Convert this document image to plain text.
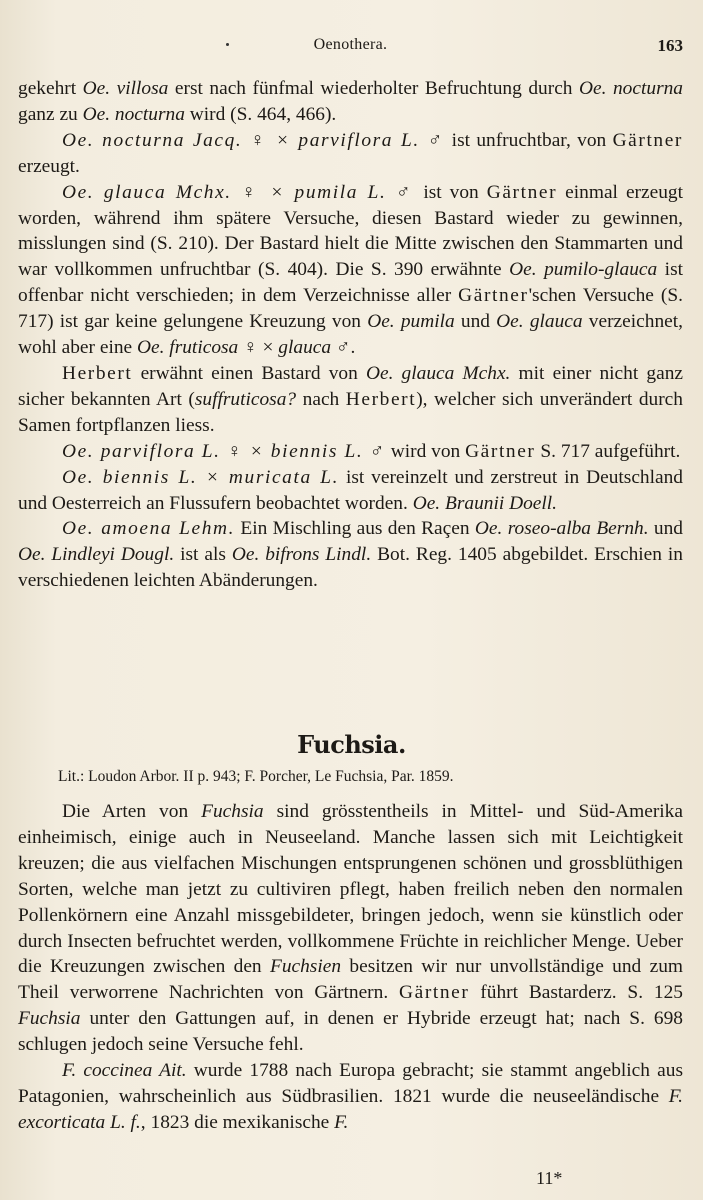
Oenothera.	163

gekehrt Oe. villosa erst nach fünfmal wiederholter Befruchtung durch Oe. nocturna ganz zu Oe. nocturna wird (S. 464, 466).

Oe. nocturna Jacq. ♀ × parviflora L. ♂ ist unfruchtbar, von Gärtner erzeugt.

Oe. glauca Mchx. ♀ × pumila L. ♂ ist von Gärtner einmal erzeugt worden, während ihm spätere Versuche, diesen Bastard wieder zu gewinnen, misslungen sind (S. 210). Der Bastard hielt die Mitte zwischen den Stammarten und war vollkommen unfruchtbar (S. 404). Die S. 390 erwähnte Oe. pumilo-glauca ist offenbar nicht verschieden; in dem Verzeichnisse aller Gärtner'schen Versuche (S. 717) ist gar keine gelungene Kreuzung von Oe. pumila und Oe. glauca verzeichnet, wohl aber eine Oe. fruticosa ♀ × glauca ♂.

Herbert erwähnt einen Bastard von Oe. glauca Mchx. mit einer nicht ganz sicher bekannten Art (suffruticosa? nach Herbert), welcher sich unverändert durch Samen fortpflanzen liess.

Oe. parviflora L. ♀ × biennis L. ♂ wird von Gärtner S. 717 aufgeführt.

Oe. biennis L. × muricata L. ist vereinzelt und zerstreut in Deutschland und Oesterreich an Flussufern beobachtet worden. Oe. Braunii Doell.

Oe. amoena Lehm. Ein Mischling aus den Raçen Oe. roseo-alba Bernh. und Oe. Lindleyi Dougl. ist als Oe. bifrons Lindl. Bot. Reg. 1405 abgebildet. Erschien in verschiedenen leichten Abänderungen.

Fuchsia.
Lit.: Loudon Arbor. II p. 943; F. Porcher, Le Fuchsia, Par. 1859.

Die Arten von Fuchsia sind grösstentheils in Mittel- und Süd-Amerika einheimisch, einige auch in Neuseeland. Manche lassen sich mit Leichtigkeit kreuzen; die aus vielfachen Mischungen entsprungenen schönen und grossblüthigen Sorten, welche man jetzt zu cultiviren pflegt, haben freilich neben den normalen Pollenkörnern eine Anzahl missgebildeter, bringen jedoch, wenn sie künstlich oder durch Insecten befruchtet werden, vollkommene Früchte in reichlicher Menge. Ueber die Kreuzungen zwischen den Fuchsien besitzen wir nur unvollständige und zum Theil verworrene Nachrichten von Gärtnern. Gärtner führt Bastarderz. S. 125 Fuchsia unter den Gattungen auf, in denen er Hybride erzeugt hat; nach S. 698 schlugen jedoch seine Versuche fehl.

F. coccinea Ait. wurde 1788 nach Europa gebracht; sie stammt angeblich aus Patagonien, wahrscheinlich aus Südbrasilien. 1821 wurde die neuseeländische F. excorticata L. f., 1823 die mexikanische F.

11*
